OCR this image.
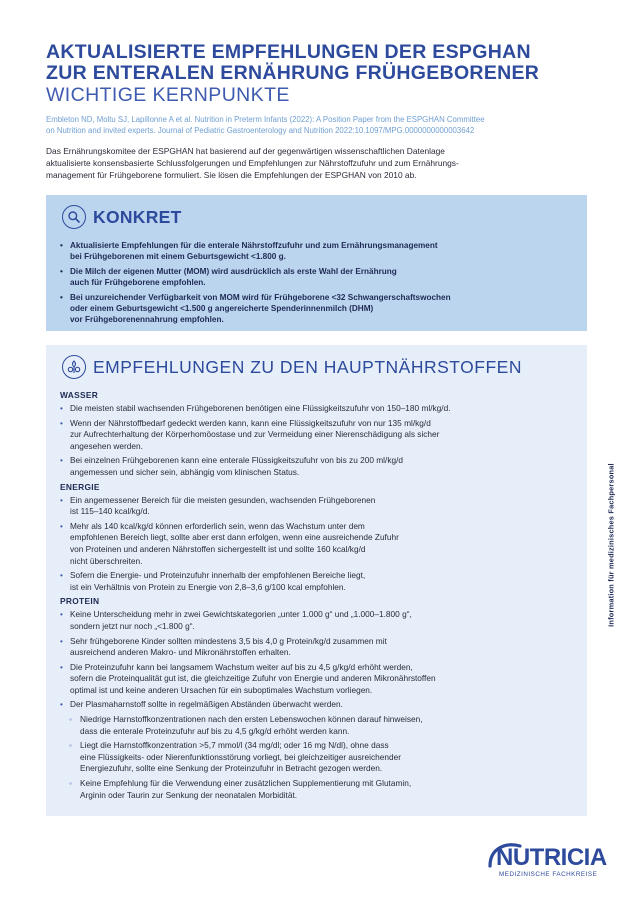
AKTUALISIERTE EMPFEHLUNGEN DER ESPGHAN
ZUR ENTERALEN ERNÄHRUNG FRÜHGEBORENER
WICHTIGE KERNPUNKTE
Embleton ND, Moltu SJ, Lapillonne A et al. Nutrition in Preterm Infants (2022): A Position Paper from the ESPGHAN Committee
on Nutrition and invited experts. Journal of Pediatric Gastroenterology and Nutrition 2022:10.1097/MPG.0000000000003642
Das Ernährungskomitee der ESPGHAN hat basierend auf der gegenwärtigen wissenschaftlichen Datenlage
aktualisierte konsensbasierte Schlussfolgerungen und Empfehlungen zur Nährstoffzufuhr und zum Ernährungs-
management für Frühgeborene formuliert. Sie lösen die Empfehlungen der ESPGHAN von 2010 ab.
KONKRET
• Aktualisierte Empfehlungen für die enterale Nährstoffzufuhr und zum Ernährungsmanagement
bei Frühgeborenen mit einem Geburtsgewicht <1.800 g.
• Die Milch der eigenen Mutter (MOM) wird ausdrücklich als erste Wahl der Ernährung
auch für Frühgeborene empfohlen.
• Bei unzureichender Verfügbarkeit von MOM wird für Frühgeborene <32 Schwangerschaftswochen
oder einem Geburtsgewicht <1.500 g angereicherte Spenderinnenmilch (DHM)
vor Frühgeborenennahrung empfohlen.
EMPFEHLUNGEN ZU DEN HAUPTNÄHRSTOFFEN
WASSER
• Die meisten stabil wachsenden Frühgeborenen benötigen eine Flüssigkeitszufuhr von 150–180 ml/kg/d.
• Wenn der Nährstoffbedarf gedeckt werden kann, kann eine Flüssigkeitszufuhr von nur 135 ml/kg/d
zur Aufrechterhaltung der Körperhomöostase und zur Vermeidung einer Nierenschädigung als sicher
angesehen werden.
• Bei einzelnen Frühgeborenen kann eine enterale Flüssigkeitszufuhr von bis zu 200 ml/kg/d
angemessen und sicher sein, abhängig vom klinischen Status.
ENERGIE
• Ein angemessener Bereich für die meisten gesunden, wachsenden Frühgeborenen
ist 115–140 kcal/kg/d.
• Mehr als 140 kcal/kg/d können erforderlich sein, wenn das Wachstum unter dem
empfohlenen Bereich liegt, sollte aber erst dann erfolgen, wenn eine ausreichende Zufuhr
von Proteinen und anderen Nährstoffen sichergestellt ist und sollte 160 kcal/kg/d
nicht überschreiten.
• Sofern die Energie- und Proteinzufuhr innerhalb der empfohlenen Bereiche liegt,
ist ein Verhältnis von Protein zu Energie von 2,8–3,6 g/100 kcal empfohlen.
PROTEIN
• Keine Unterscheidung mehr in zwei Gewichtskategorien „unter 1.000 g“ und „1.000–1.800 g“,
sondern jetzt nur noch „<1.800 g“.
• Sehr frühgeborene Kinder sollten mindestens 3,5 bis 4,0 g Protein/kg/d zusammen mit
ausreichend anderen Makro- und Mikronährstoffen erhalten.
• Die Proteinzufuhr kann bei langsamem Wachstum weiter auf bis zu 4,5 g/kg/d erhöht werden,
sofern die Proteinqualität gut ist, die gleichzeitige Zufuhr von Energie und anderen Mikronährstoffen
optimal ist und keine anderen Ursachen für ein suboptimales Wachstum vorliegen.
• Der Plasmaharnstoff sollte in regelmäßigen Abständen überwacht werden.
◦ Niedrige Harnstoffkonzentrationen nach den ersten Lebenswochen können darauf hinweisen,
dass die enterale Proteinzufuhr auf bis zu 4,5 g/kg/d erhöht werden kann.
◦ Liegt die Harnstoffkonzentration >5,7 mmol/l (34 mg/dl; oder 16 mg N/dl), ohne dass
eine Flüssigkeits- oder Nierenfunktionsstörung vorliegt, bei gleichzeitiger ausreichender
Energiezufuhr, sollte eine Senkung der Proteinzufuhr in Betracht gezogen werden.
◦ Keine Empfehlung für die Verwendung einer zusätzlichen Supplementierung mit Glutamin,
Arginin oder Taurin zur Senkung der neonatalen Morbidität.
Information für medizinisches Fachpersonal
NUTRICIA
MEDIZINISCHE FACHKREISE
